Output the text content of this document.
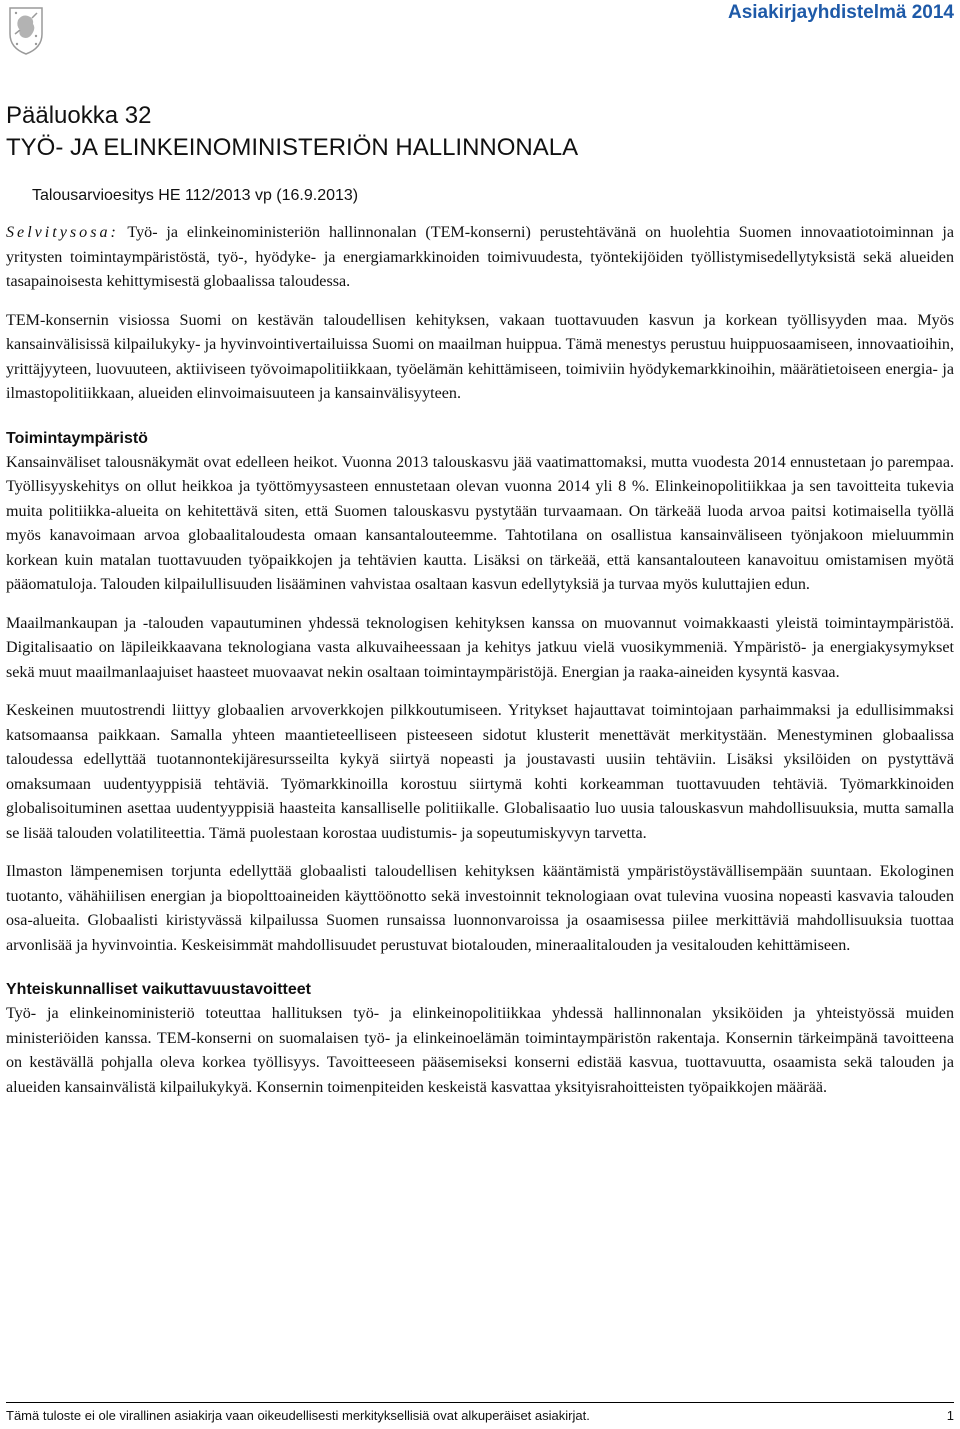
Asiakirjayhdistelmä 2014
Pääluokka 32
TYÖ- JA ELINKEINOMINISTERIÖN HALLINNONALA
Talousarvioesitys HE 112/2013 vp (16.9.2013)

Selvitysosa: Työ- ja elinkeinoministeriön hallinnonalan (TEM-konserni) perustehtävänä on huolehtia Suomen innovaatiotoiminnan ja yritysten toimintaympäristöstä, työ-, hyödyke- ja energiamarkkinoiden toimivuudesta, työntekijöiden työllistymisedellytyksistä sekä alueiden tasapainoisesta kehittymisestä globaalissa taloudessa.

TEM-konsernin visiossa Suomi on kestävän taloudellisen kehityksen, vakaan tuottavuuden kasvun ja korkean työllisyyden maa. Myös kansainvälisissä kilpailukyky- ja hyvinvointivertailuissa Suomi on maailman huippua. Tämä menestys perustuu huippuosaamiseen, innovaatioihin, yrittäjyyteen, luovuuteen, aktiiviseen työvoimapolitiikkaan, työelämän kehittämiseen, toimiviin hyödykemarkkinoihin, määrätietoiseen energia- ja ilmastopolitiikkaan, alueiden elinvoimaisuuteen ja kansainvälisyyteen.

Toimintaympäristö

Kansainväliset talousnäkymät ovat edelleen heikot. Vuonna 2013 talouskasvu jää vaatimattomaksi, mutta vuodesta 2014 ennustetaan jo parempaa. Työllisyyskehitys on ollut heikkoa ja työttömyysasteen ennustetaan olevan vuonna 2014 yli 8 %. Elinkeinopolitiikkaa ja sen tavoitteita tukevia muita politiikka-alueita on kehitettävä siten, että Suomen talouskasvu pystytään turvaamaan. On tärkeää luoda arvoa paitsi kotimaisella työllä myös kanavoimaan arvoa globaalitaloudesta omaan kansantalouteemme. Tahtotilana on osallistua kansainväliseen työnjakoon mieluummin korkean kuin matalan tuottavuuden työpaikkojen ja tehtävien kautta. Lisäksi on tärkeää, että kansantalouteen kanavoituu omistamisen myötä pääomatuloja. Talouden kilpailullisuuden lisääminen vahvistaa osaltaan kasvun edellytyksiä ja turvaa myös kuluttajien edun.

Maailmankaupan ja -talouden vapautuminen yhdessä teknologisen kehityksen kanssa on muovannut voimakkaasti yleistä toimintaympäristöä. Digitalisaatio on läpileikkaavana teknologiana vasta alkuvaiheessaan ja kehitys jatkuu vielä vuosikymmeniä. Ympäristö- ja energiakysymykset sekä muut maailmanlaajuiset haasteet muovaavat nekin osaltaan toimintaympäristöjä. Energian ja raaka-aineiden kysyntä kasvaa.

Keskeinen muutostrendi liittyy globaalien arvoverkkojen pilkkoutumiseen. Yritykset hajauttavat toimintojaan parhaimmaksi ja edullisimmaksi katsomaansa paikkaan. Samalla yhteen maantieteelliseen pisteeseen sidotut klusterit menettävät merkitystään. Menestyminen globaalissa taloudessa edellyttää tuotannontekijäresursseilta kykyä siirtyä nopeasti ja joustavasti uusiin tehtäviin. Lisäksi yksilöiden on pystyttävä omaksumaan uudentyyppisiä tehtäviä. Työmarkkinoilla korostuu siirtymä kohti korkeamman tuottavuuden tehtäviä. Työmarkkinoiden globalisoituminen asettaa uudentyyppisiä haasteita kansalliselle politiikalle. Globalisaatio luo uusia talouskasvun mahdollisuuksia, mutta samalla se lisää talouden volatiliteettia. Tämä puolestaan korostaa uudistumis- ja sopeutumiskyvyn tarvetta.

Ilmaston lämpenemisen torjunta edellyttää globaalisti taloudellisen kehityksen kääntämistä ympäristöystävällisempään suuntaan. Ekologinen tuotanto, vähähiilisen energian ja biopolttoaineiden käyttöönotto sekä investoinnit teknologiaan ovat tulevina vuosina nopeasti kasvavia talouden osa-alueita. Globaalisti kiristyvässä kilpailussa Suomen runsaissa luonnonvaroissa ja osaamisessa piilee merkittäviä mahdollisuuksia tuottaa arvonlisää ja hyvinvointia. Keskeisimmät mahdollisuudet perustuvat biotalouden, mineraalitalouden ja vesitalouden kehittämiseen.

Yhteiskunnalliset vaikuttavuustavoitteet

Työ- ja elinkeinoministeriö toteuttaa hallituksen työ- ja elinkeinopolitiikkaa yhdessä hallinnonalan yksiköiden ja yhteistyössä muiden ministeriöiden kanssa. TEM-konserni on suomalaisen työ- ja elinkeinoelämän toimintaympäristön rakentaja. Konsernin tärkeimpänä tavoitteena on kestävällä pohjalla oleva korkea työllisyys. Tavoitteeseen pääsemiseksi konserni edistää kasvua, tuottavuutta, osaamista sekä talouden ja alueiden kansainvälistä kilpailukykyä. Konsernin toimenpiteiden keskeistä kasvattaa yksityisrahoitteisten työpaikkojen määrää.

Tämä tuloste ei ole virallinen asiakirja vaan oikeudellisesti merkityksellisiä ovat alkuperäiset asiakirjat.	1
